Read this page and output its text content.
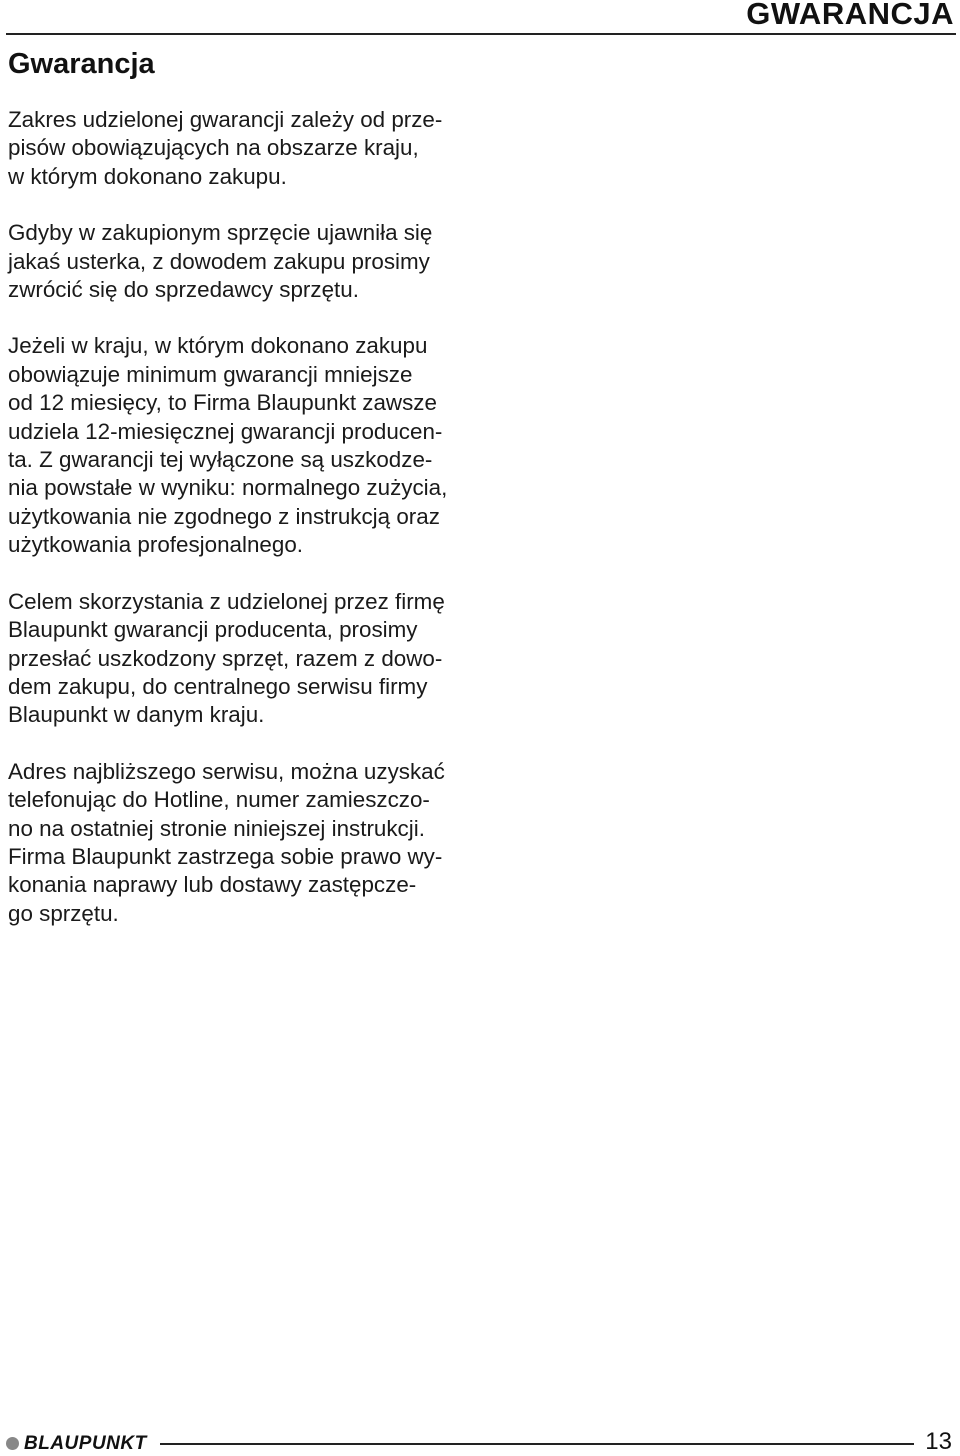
GWARANCJA
Gwarancja

Zakres udzielonej gwarancji zależy od prze-
pisów obowiązujących na obszarze kraju,
w którym dokonano zakupu.

Gdyby w zakupionym sprzęcie ujawniła się
jakaś usterka, z dowodem zakupu prosimy
zwrócić się do sprzedawcy sprzętu.

Jeżeli w kraju, w którym dokonano zakupu
obowiązuje minimum gwarancji mniejsze
od 12 miesięcy, to Firma Blaupunkt zawsze
udziela 12-miesięcznej gwarancji producen-
ta. Z gwarancji tej wyłączone są uszkodze-
nia powstałe w wyniku: normalnego zużycia,
użytkowania nie zgodnego z instrukcją oraz
użytkowania profesjonalnego.

Celem skorzystania z udzielonej przez firmę
Blaupunkt gwarancji producenta, prosimy
przesłać uszkodzony sprzęt, razem z dowo-
dem zakupu, do centralnego serwisu firmy
Blaupunkt w danym kraju.

Adres najbliższego serwisu, można uzyskać
telefonując do Hotline, numer zamieszczo-
no na ostatniej stronie niniejszej instrukcji.
Firma Blaupunkt zastrzega sobie prawo wy-
konania naprawy lub dostawy zastępcze-
go sprzętu.

BLAUPUNKT	13
